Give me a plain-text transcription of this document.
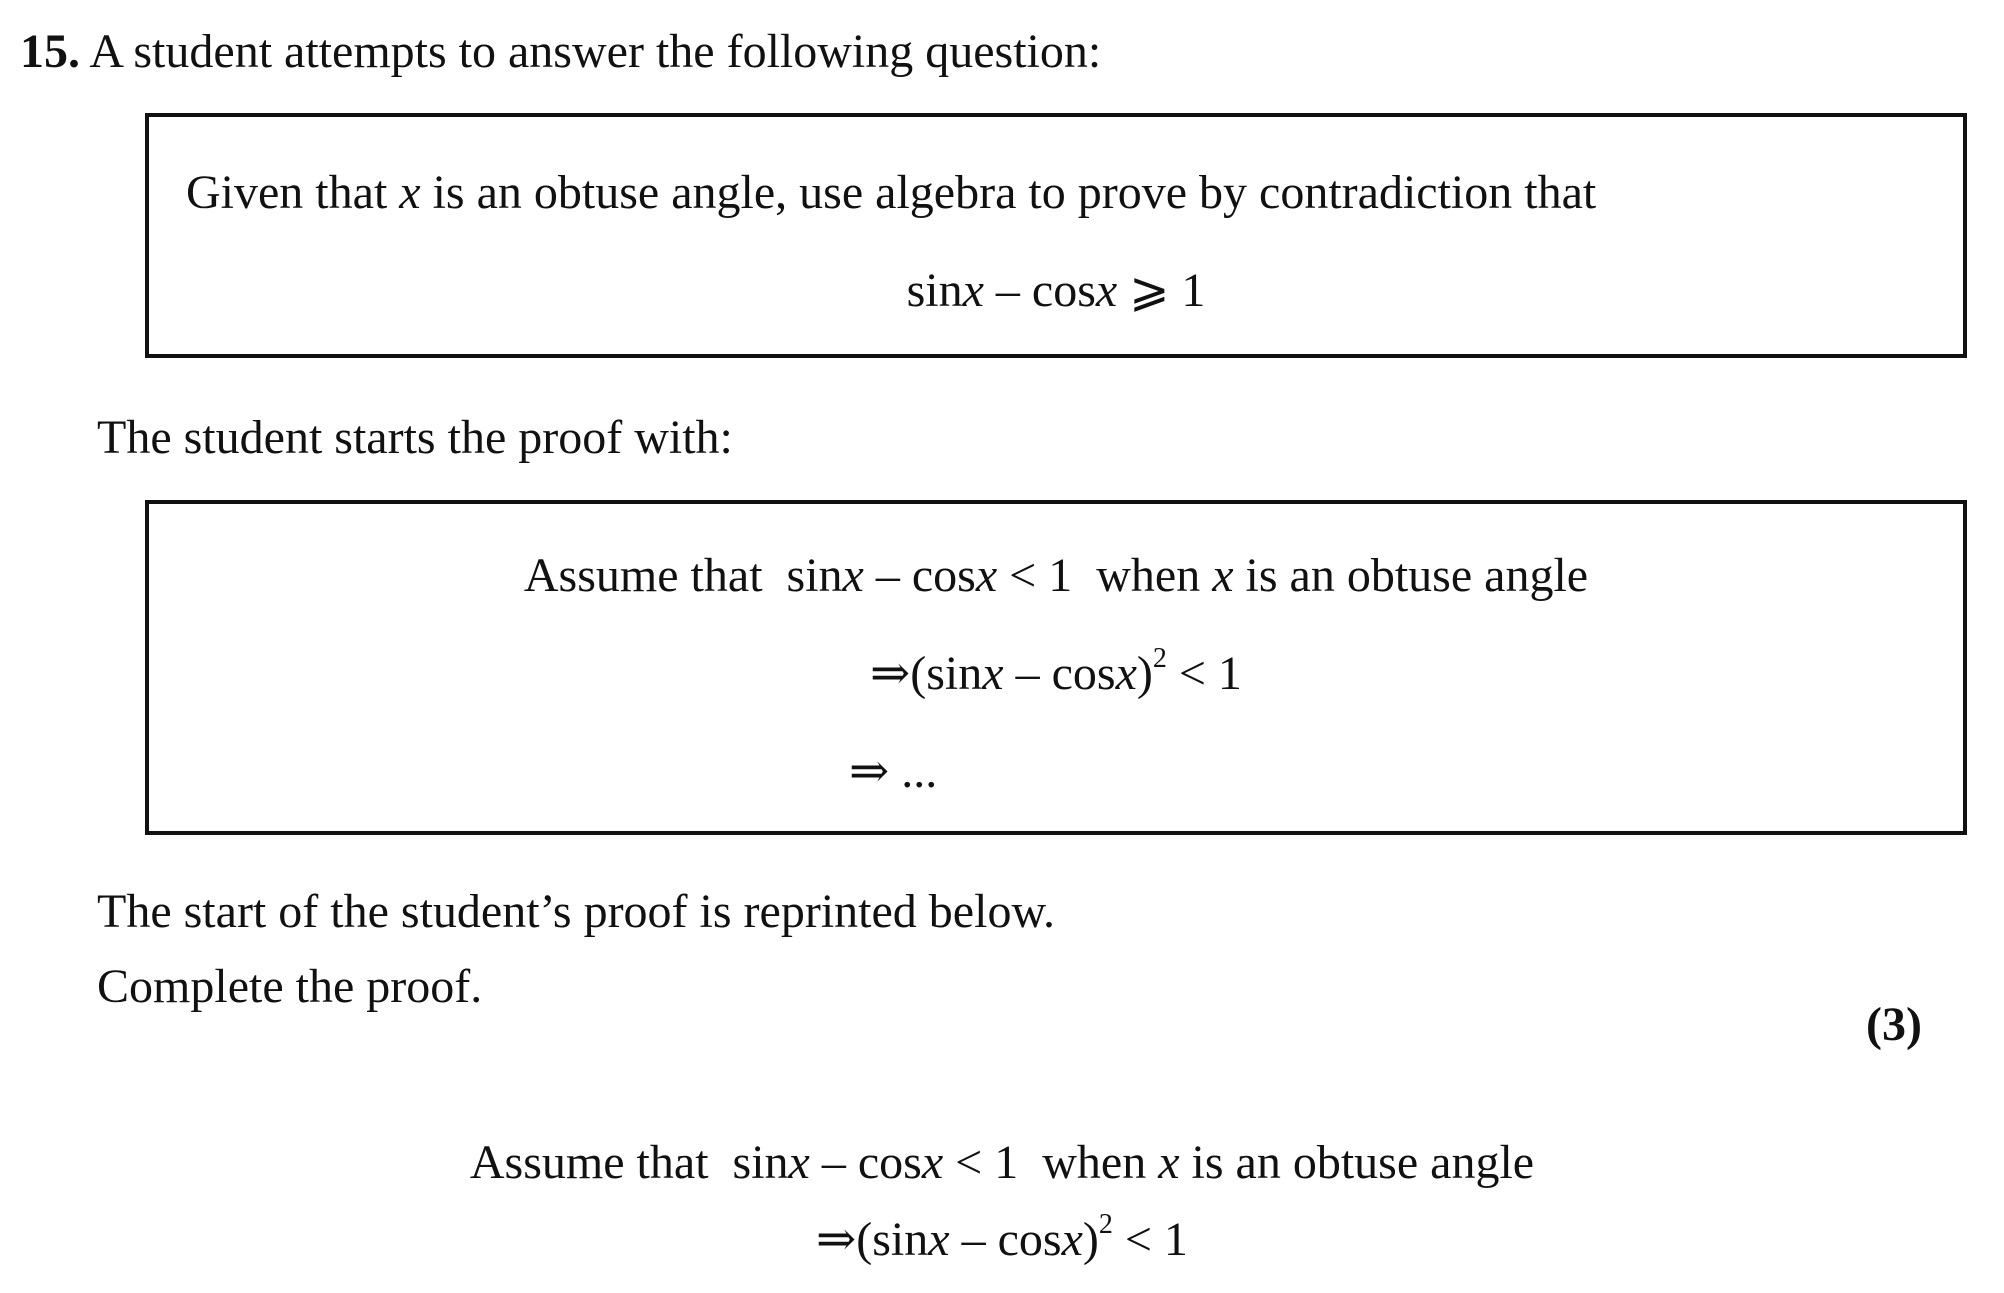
15. A student attempts to answer the following question:
Given that x is an obtuse angle, use algebra to prove by contradiction that
sinx – cosx ⩾ 1
The student starts the proof with:
Assume that sinx – cosx < 1 when x is an obtuse angle
⇒(sinx – cosx)$^2$ < 1
⇒ ...
The start of the student’s proof is reprinted below.
Complete the proof.
(3)
Assume that sinx – cosx < 1 when x is an obtuse angle
⇒(sinx – cosx)$^2$ < 1
